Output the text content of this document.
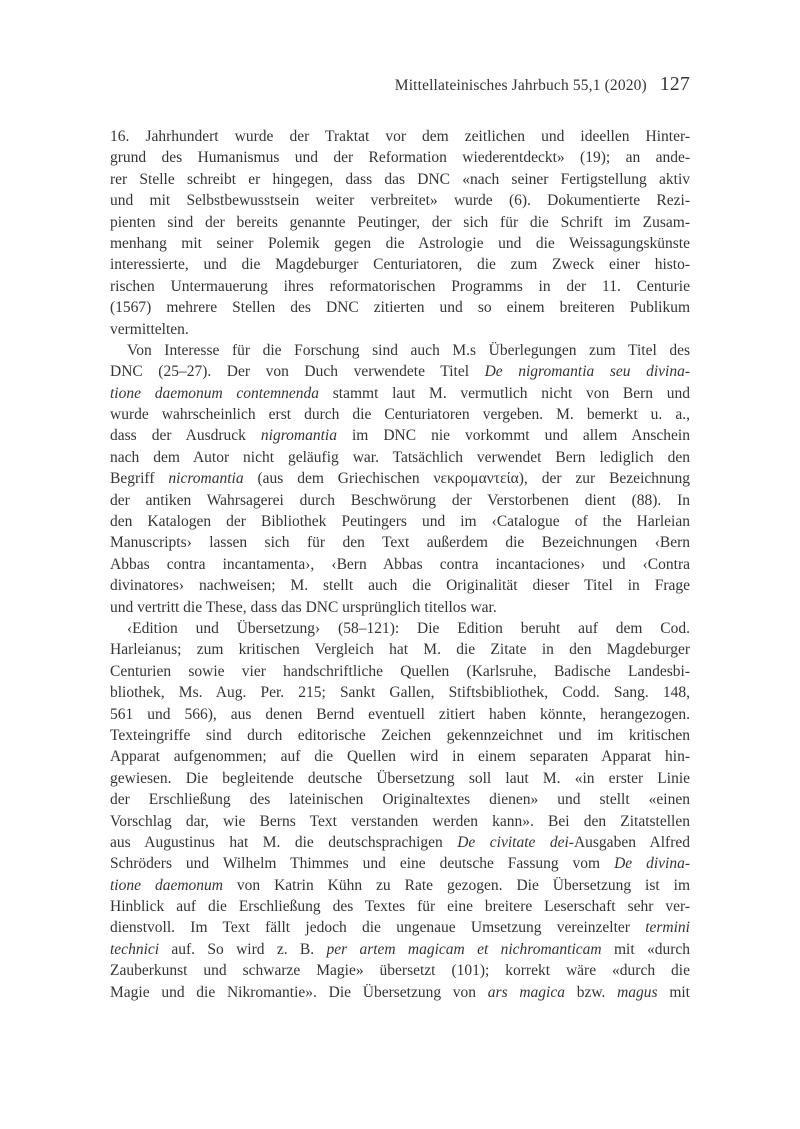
Mittellateinisches Jahrbuch 55,1 (2020) 127
16. Jahrhundert wurde der Traktat vor dem zeitlichen und ideellen Hinter-
grund des Humanismus und der Reformation wiederentdeckt» (19); an ande-
rer Stelle schreibt er hingegen, dass das DNC «nach seiner Fertigstellung aktiv
und mit Selbstbewusstsein weiter verbreitet» wurde (6). Dokumentierte Rezi-
pienten sind der bereits genannte Peutinger, der sich für die Schrift im Zusam-
menhang mit seiner Polemik gegen die Astrologie und die Weissagungskünste
interessierte, und die Magdeburger Centuriatoren, die zum Zweck einer histo-
rischen Untermauerung ihres reformatorischen Programms in der 11. Centurie
(1567) mehrere Stellen des DNC zitierten und so einem breiteren Publikum
vermittelten.
Von Interesse für die Forschung sind auch M.s Überlegungen zum Titel des
DNC (25–27). Der von Duch verwendete Titel De nigromantia seu divina-
tione daemonum contemnenda stammt laut M. vermutlich nicht von Bern und
wurde wahrscheinlich erst durch die Centuriatoren vergeben. M. bemerkt u. a.,
dass der Ausdruck nigromantia im DNC nie vorkommt und allem Anschein
nach dem Autor nicht geläufig war. Tatsächlich verwendet Bern lediglich den
Begriff nicromantia (aus dem Griechischen νεκρομαντεία), der zur Bezeichnung
der antiken Wahrsagerei durch Beschwörung der Verstorbenen dient (88). In
den Katalogen der Bibliothek Peutingers und im ‹Catalogue of the Harleian
Manuscripts› lassen sich für den Text außerdem die Bezeichnungen ‹Bern
Abbas contra incantamenta›, ‹Bern Abbas contra incantaciones› und ‹Contra
divinatores› nachweisen; M. stellt auch die Originalität dieser Titel in Frage
und vertritt die These, dass das DNC ursprünglich titellos war.
‹Edition und Übersetzung› (58–121): Die Edition beruht auf dem Cod.
Harleianus; zum kritischen Vergleich hat M. die Zitate in den Magdeburger
Centurien sowie vier handschriftliche Quellen (Karlsruhe, Badische Landesbi-
bliothek, Ms. Aug. Per. 215; Sankt Gallen, Stiftsbibliothek, Codd. Sang. 148,
561 und 566), aus denen Bernd eventuell zitiert haben könnte, herangezogen.
Texteingriffe sind durch editorische Zeichen gekennzeichnet und im kritischen
Apparat aufgenommen; auf die Quellen wird in einem separaten Apparat hin-
gewiesen. Die begleitende deutsche Übersetzung soll laut M. «in erster Linie
der Erschließung des lateinischen Originaltextes dienen» und stellt «einen
Vorschlag dar, wie Berns Text verstanden werden kann». Bei den Zitatstellen
aus Augustinus hat M. die deutschsprachigen De civitate dei-Ausgaben Alfred
Schröders und Wilhelm Thimmes und eine deutsche Fassung vom De divina-
tione daemonum von Katrin Kühn zu Rate gezogen. Die Übersetzung ist im
Hinblick auf die Erschließung des Textes für eine breitere Leserschaft sehr ver-
dienstvoll. Im Text fällt jedoch die ungenaue Umsetzung vereinzelter termini
technici auf. So wird z. B. per artem magicam et nichromanticam mit «durch
Zauberkunst und schwarze Magie» übersetzt (101); korrekt wäre «durch die
Magie und die Nikromantie». Die Übersetzung von ars magica bzw. magus mit
